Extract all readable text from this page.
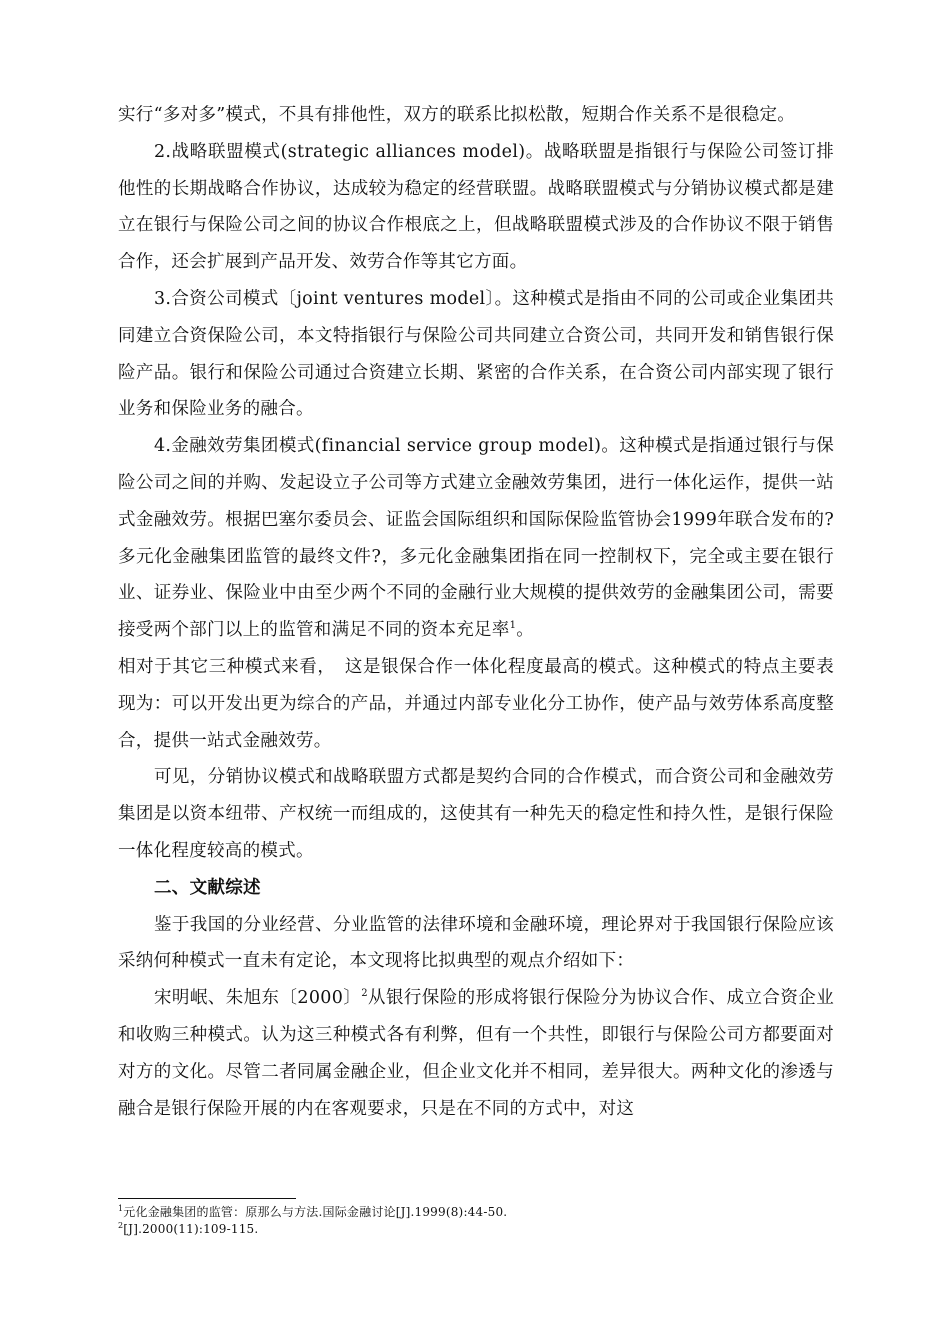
实行“多对多”模式，不具有排他性，双方的联系比拟松散，短期合作关系不是很稳定。

2.战略联盟模式(strategic alliances model)。战略联盟是指银行与保险公司签订排他性的长期战略合作协议，达成较为稳定的经营联盟。战略联盟模式与分销协议模式都是建立在银行与保险公司之间的协议合作根底之上，但战略联盟模式涉及的合作协议不限于销售合作，还会扩展到产品开发、效劳合作等其它方面。

3.合资公司模式〔joint ventures model〕。这种模式是指由不同的公司或企业集团共同建立合资保险公司，本文特指银行与保险公司共同建立合资公司，共同开发和销售银行保险产品。银行和保险公司通过合资建立长期、紧密的合作关系，在合资公司内部实现了银行业务和保险业务的融合。

4.金融效劳集团模式(financial service group model)。这种模式是指通过银行与保险公司之间的并购、发起设立子公司等方式建立金融效劳集团，进行一体化运作，提供一站式金融效劳。根据巴塞尔委员会、证监会国际组织和国际保险监管协会1999年联合发布的?多元化金融集团监管的最终文件?，多元化金融集团指在同一控制权下，完全或主要在银行业、证券业、保险业中由至少两个不同的金融行业大规模的提供效劳的金融集团公司，需要接受两个部门以上的监管和满足不同的资本充足率$^1$。

相对于其它三种模式来看，　这是银保合作一体化程度最高的模式。这种模式的特点主要表现为：可以开发出更为综合的产品，并通过内部专业化分工协作，使产品与效劳体系高度整合，提供一站式金融效劳。

可见，分销协议模式和战略联盟方式都是契约合同的合作模式，而合资公司和金融效劳集团是以资本纽带、产权统一而组成的，这使其有一种先天的稳定性和持久性，是银行保险一体化程度较高的模式。

二、文献综述

鉴于我国的分业经营、分业监管的法律环境和金融环境，理论界对于我国银行保险应该采纳何种模式一直未有定论，本文现将比拟典型的观点介绍如下：

宋明岷、朱旭东〔2000〕$^2$从银行保险的形成将银行保险分为协议合作、成立合资企业和收购三种模式。认为这三种模式各有利弊，但有一个共性，即银行与保险公司方都要面对对方的文化。尽管二者同属金融企业，但企业文化并不相同，差异很大。两种文化的渗透与融合是银行保险开展的内在客观要求，只是在不同的方式中，对这

$^1$元化金融集团的监管：原那么与方法.国际金融讨论[J].1999(8):44-50.

$^2$[J].2000(11):109-115.
